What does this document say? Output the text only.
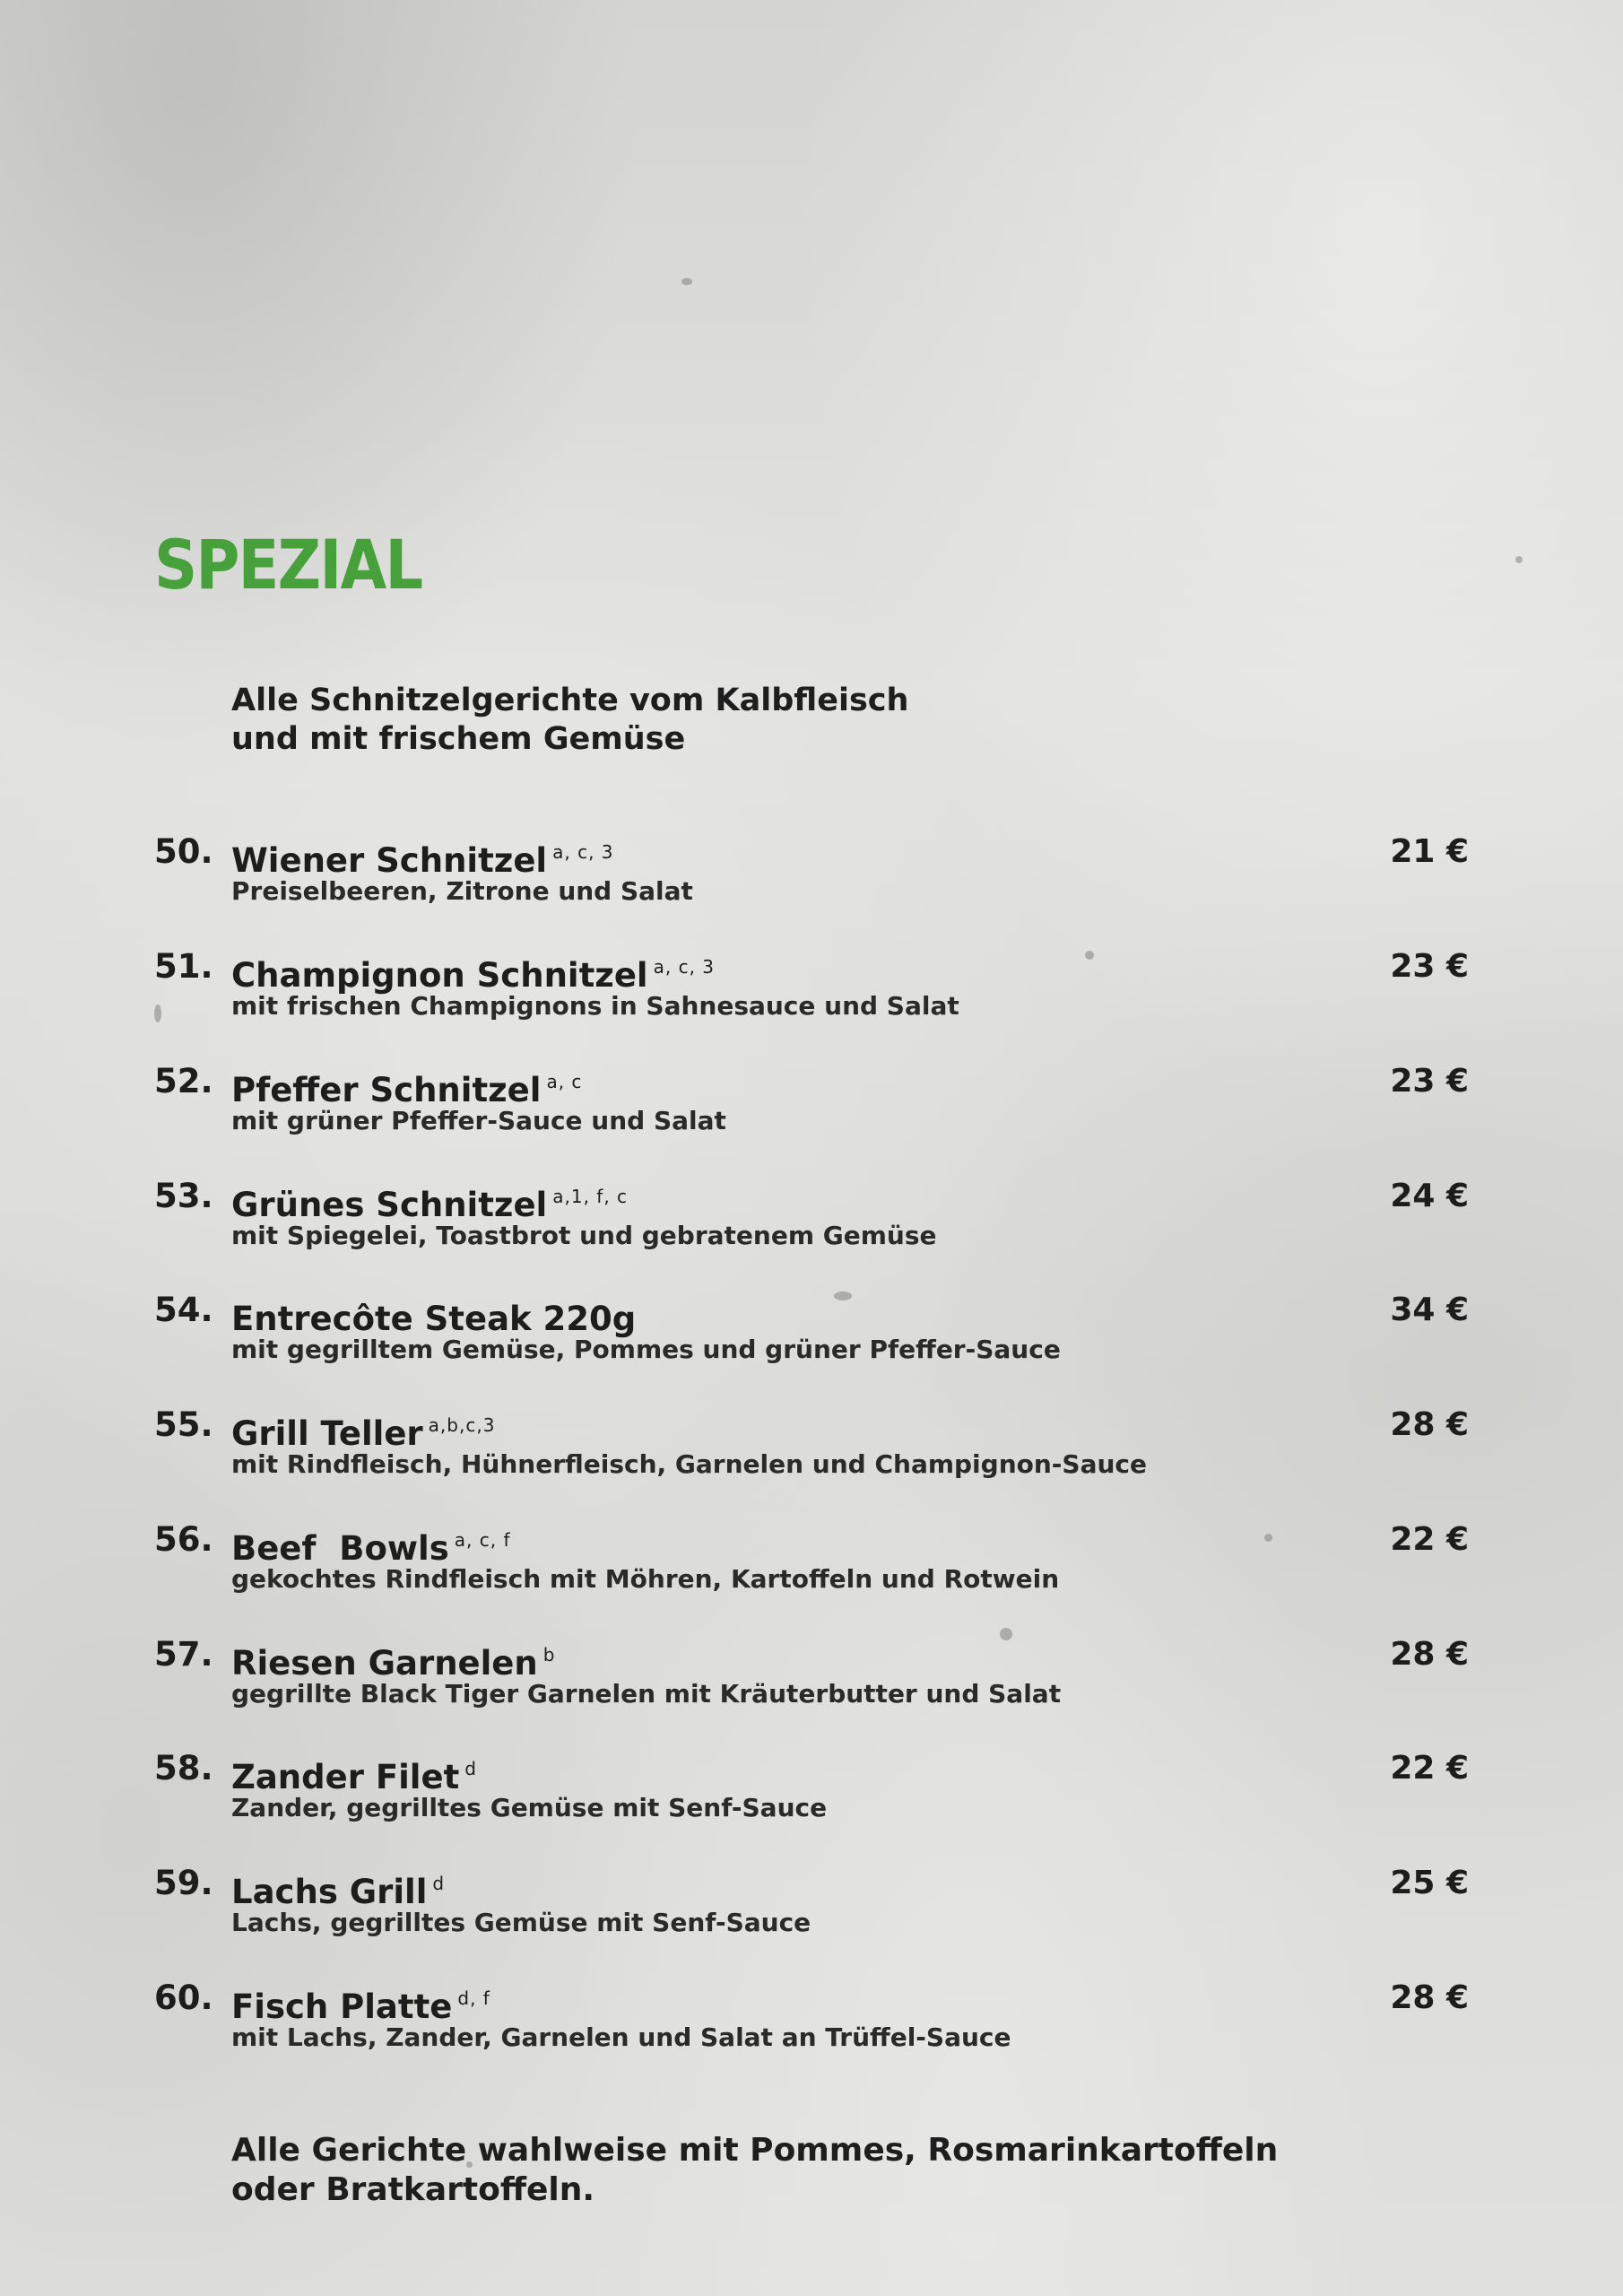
SPEZIAL

Alle Schnitzelgerichte vom Kalbfleisch
und mit frischem Gemüse

50. Wiener Schnitzel $^{a, c, 3}$
Preiselbeeren, Zitrone und Salat
21 €
51. Champignon Schnitzel $^{a, c, 3}$
mit frischen Champignons in Sahnesauce und Salat
23 €
52. Pfeffer Schnitzel $^{a, c}$
mit grüner Pfeffer-Sauce und Salat
23 €
53. Grünes Schnitzel $^{a,1, f, c}$
mit Spiegelei, Toastbrot und gebratenem Gemüse
24 €
54. Entrecôte Steak 220g
mit gegrilltem Gemüse, Pommes und grüner Pfeffer-Sauce
34 €
55. Grill Teller $^{a,b,c,3}$
mit Rindfleisch, Hühnerfleisch, Garnelen und Champignon-Sauce
28 €
56. Beef  Bowls $^{a, c, f}$
gekochtes Rindfleisch mit Möhren, Kartoffeln und Rotwein
22 €
57. Riesen Garnelen $^b$
gegrillte Black Tiger Garnelen mit Kräuterbutter und Salat
28 €
58. Zander Filet $^d$
Zander, gegrilltes Gemüse mit Senf-Sauce
22 €
59. Lachs Grill $^d$
Lachs, gegrilltes Gemüse mit Senf-Sauce
25 €
60. Fisch Platte $^{d, f}$
mit Lachs, Zander, Garnelen und Salat an Trüffel-Sauce
28 €

Alle Gerichte wahlweise mit Pommes, Rosmarinkartoffeln
oder Bratkartoffeln.
